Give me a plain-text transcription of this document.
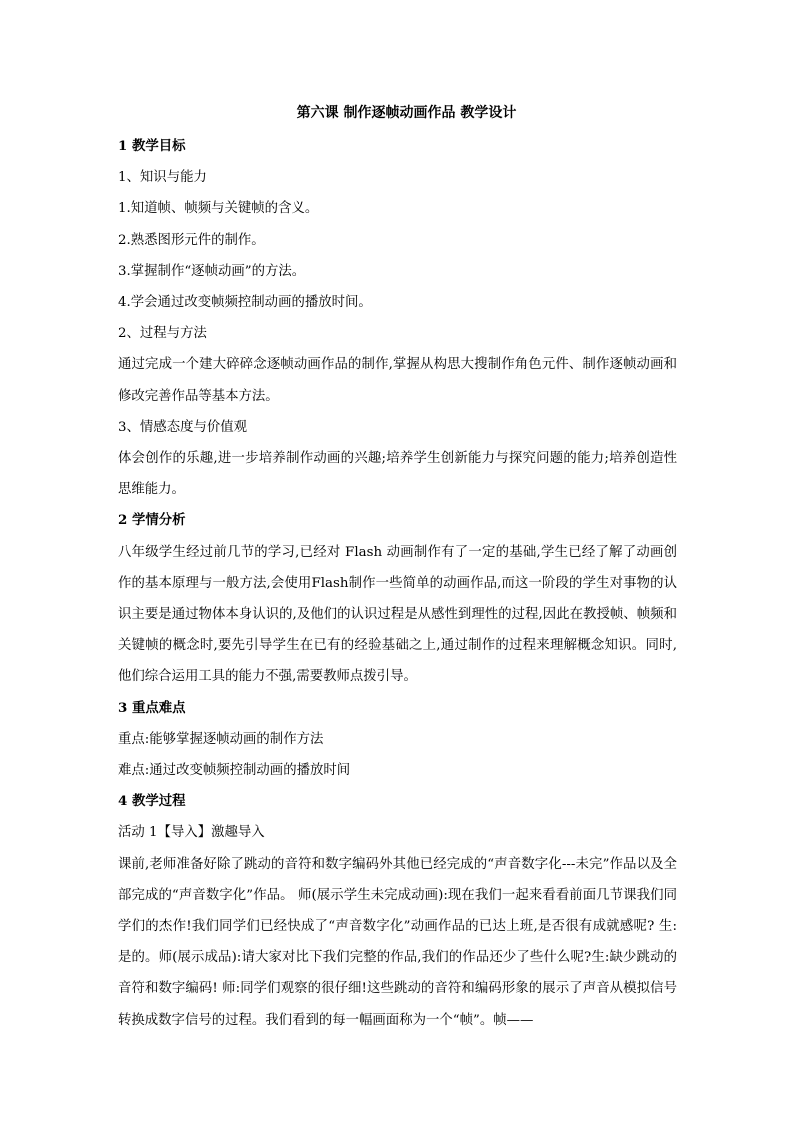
第六课 制作逐帧动画作品 教学设计
1 教学目标
1、知识与能力
1.知道帧、帧频与关键帧的含义。
2.熟悉图形元件的制作。
3.掌握制作“逐帧动画”的方法。
4.学会通过改变帧频控制动画的播放时间。
2、过程与方法

通过完成一个建大碎碎念逐帧动画作品的制作,掌握从构思大搜制作角色元件、制作逐帧动画和修改完善作品等基本方法。

3、情感态度与价值观

体会创作的乐趣,进一步培养制作动画的兴趣;培养学生创新能力与探究问题的能力;培养创造性思维能力。

2 学情分析

八年级学生经过前几节的学习,已经对 Flash 动画制作有了一定的基础,学生已经了解了动画创作的基本原理与一般方法,会使用Flash制作一些简单的动画作品,而这一阶段的学生对事物的认识主要是通过物体本身认识的,及他们的认识过程是从感性到理性的过程,因此在教授帧、帧频和关键帧的概念时,要先引导学生在已有的经验基础之上,通过制作的过程来理解概念知识。同时,他们综合运用工具的能力不强,需要教师点拨引导。

3 重点难点
重点:能够掌握逐帧动画的制作方法
难点:通过改变帧频控制动画的播放时间
4 教学过程
活动 1【导入】激趣导入

课前,老师准备好除了跳动的音符和数字编码外其他已经完成的“声音数字化---未完”作品以及全部完成的“声音数字化”作品。 师(展示学生未完成动画):现在我们一起来看看前面几节课我们同学们的杰作!我们同学们已经快成了“声音数字化”动画作品的已达上班,是否很有成就感呢? 生:是的。师(展示成品):请大家对比下我们完整的作品,我们的作品还少了些什么呢?生:缺少跳动的音符和数字编码! 师:同学们观察的很仔细!这些跳动的音符和编码形象的展示了声音从模拟信号转换成数字信号的过程。我们看到的每一幅画面称为一个“帧”。帧——
